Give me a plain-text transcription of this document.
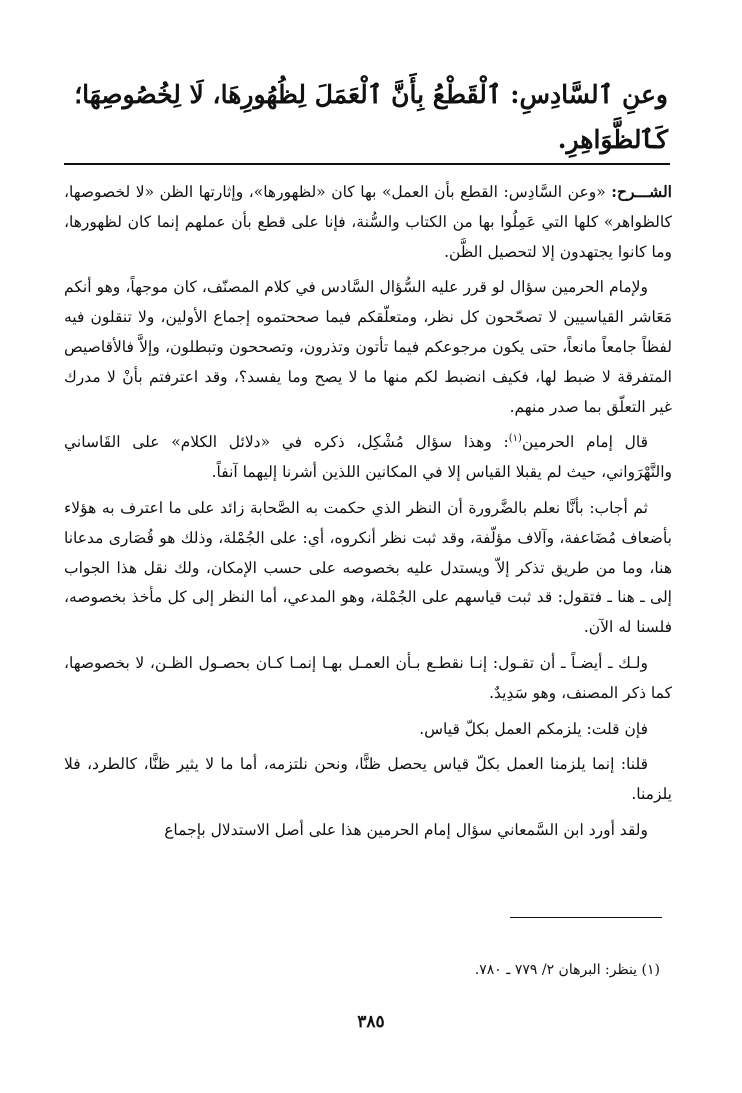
وعنِ ٱلسَّادِسِ: ٱلْقَطْعُ بِأَنَّ ٱلْعَمَلَ لِظُهُورِهَا، لَا لِخُصُوصِهَا؛ كَٱلظَّوَاهِرِ.

الشـــرح: «وعن السَّادِس: القطع بأن العمل» بها كان «لظهورها»، وإثارتها الظن «لا لخصوصها، كالظواهر» كلها التي عَمِلُوا بها من الكتاب والسُّنة، فإنا على قطع بأن عملهم إنما كان لظهورها، وما كانوا يجتهدون إلا لتحصيل الظَّن.

ولإمام الحرمين سؤال لو قرر عليه السُّؤال السَّادس في كلام المصنّف، كان موجهاً، وهو أنكم مَعَاشر القياسيين لا تصحّحون كل نظر، ومتعلّقكم فيما صححتموه إجماع الأولين، ولا تنقلون فيه لفظاً جامعاً مانعاً، حتى يكون مرجوعكم فيما تأتون وتذرون، وتصححون وتبطلون، وإلاَّ فالأقاصيص المتفرقة لا ضبط لها، فكيف انضبط لكم منها ما لا يصح وما يفسد؟، وقد اعترفتم بأنْ لا مدرك غير التعلّق بما صدر منهم.

قال إمام الحرمين$^{(١)}$: وهذا سؤال مُشْكِل، ذكره في «دلائل الكلام» على القَاساني والنَّهْرَواني، حيث لم يقبلا القياس إلا في المكانين اللذين أشرنا إليهما آنفاً.

ثم أجاب: بأنَّا نعلم بالضَّرورة أن النظر الذي حكمت به الصَّحابة زائد على ما اعترف به هؤلاء بأضعاف مُضَاعفة، وآلاف مؤلّفة، وقد ثبت نظر أنكروه، أي: على الجُمْلة، وذلك هو قُصَارى مدعانا هنا، وما من طريق تذكر إلاّ ويستدل عليه بخصوصه على حسب الإمكان، ولك نقل هذا الجواب إلى ـ هنا ـ فتقول: قد ثبت قياسهم على الجُمْلة، وهو المدعي، أما النظر إلى كل مأخذ بخصوصه، فلسنا له الآن.

ولـك ـ أيضـاً ـ أن تقـول: إنـا نقطـع بـأن العمـل بهـا إنمـا كـان بحصـول الظـن، لا بخصوصها، كما ذكر المصنف، وهو سَدِيدٌ.

فإن قلت: يلزمكم العمل بكلّ قياس.

قلنا: إنما يلزمنا العمل بكلّ قياس يحصل ظنًّا، ونحن نلتزمه، أما ما لا يثير ظنًّا، كالطرد، فلا يلزمنا.

ولقد أورد ابن السَّمعاني سؤال إمام الحرمين هذا على أصل الاستدلال بإجماع

(١) ينظر: البرهان ٢/ ٧٧٩ ـ ٧٨٠.
٣٨٥
